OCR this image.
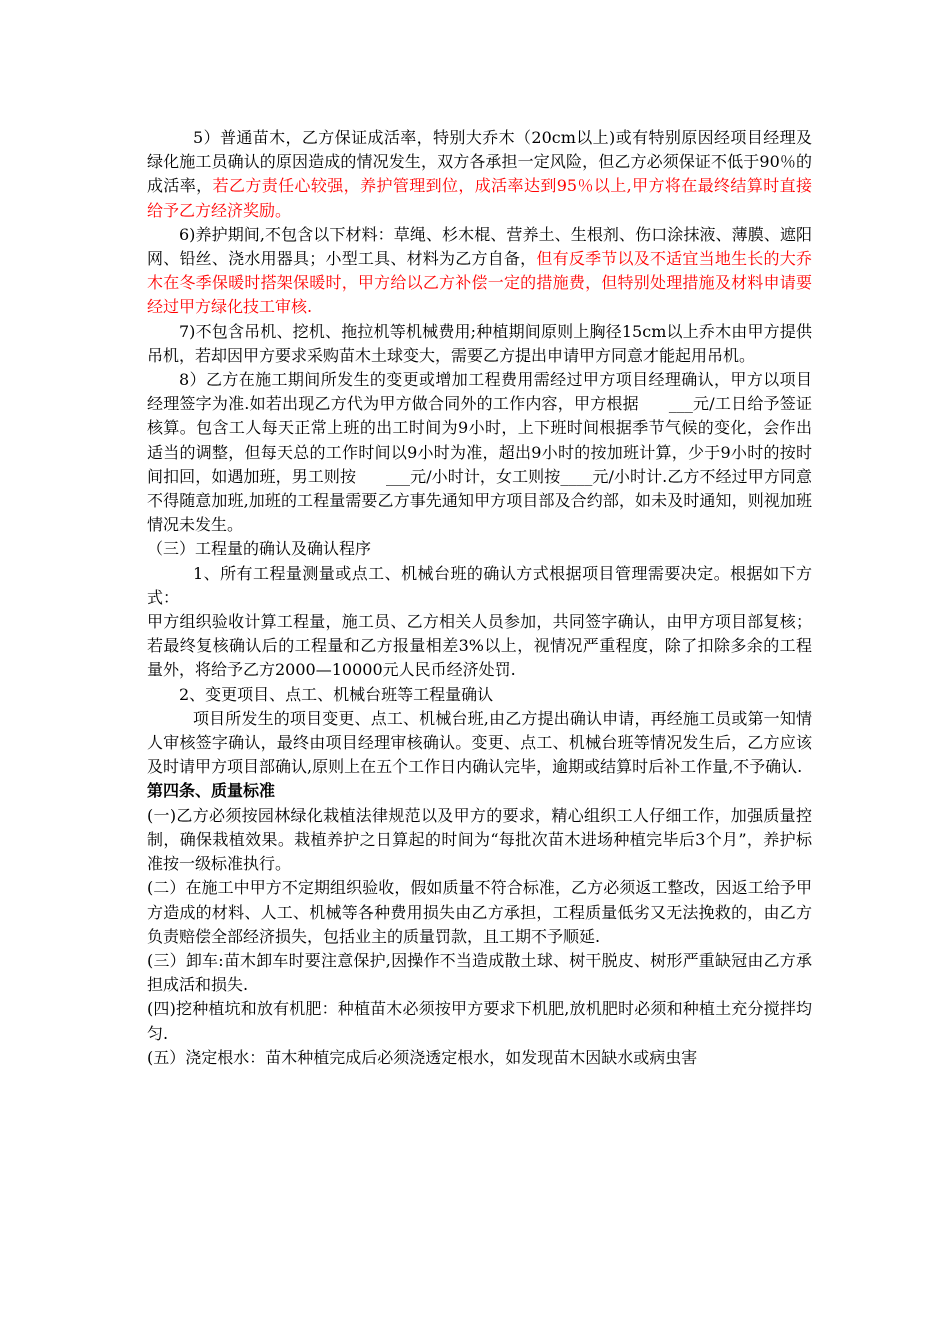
5）普通苗木，乙方保证成活率，特别大乔木（20cm以上)或有特别原因经项目经理及绿化施工员确认的原因造成的情况发生，双方各承担一定风险，但乙方必须保证不低于90％的成活率，若乙方责任心较强，养护管理到位，成活率达到95％以上,甲方将在最终结算时直接给予乙方经济奖励。

6)养护期间,不包含以下材料：草绳、杉木棍、营养土、生根剂、伤口涂抹液、薄膜、遮阳网、铅丝、浇水用器具；小型工具、材料为乙方自备，但有反季节以及不适宜当地生长的大乔木在冬季保暖时搭架保暖时，甲方给以乙方补偿一定的措施费，但特别处理措施及材料申请要经过甲方绿化技工审核.

7)不包含吊机、挖机、拖拉机等机械费用;种植期间原则上胸径15cm以上乔木由甲方提供吊机，若却因甲方要求采购苗木土球变大，需要乙方提出申请甲方同意才能起用吊机。

8）乙方在施工期间所发生的变更或增加工程费用需经过甲方项目经理确认，甲方以项目经理签字为准.如若出现乙方代为甲方做合同外的工作内容，甲方根据 ___元/工日给予签证核算。包含工人每天正常上班的出工时间为9小时，上下班时间根据季节气候的变化，会作出适当的调整，但每天总的工作时间以9小时为准，超出9小时的按加班计算，少于9小时的按时间扣回，如遇加班，男工则按 ___元/小时计，女工则按____元/小时计.乙方不经过甲方同意不得随意加班,加班的工程量需要乙方事先通知甲方项目部及合约部，如未及时通知，则视加班情况未发生。

（三）工程量的确认及确认程序

1、所有工程量测量或点工、机械台班的确认方式根据项目管理需要决定。根据如下方式：

甲方组织验收计算工程量，施工员、乙方相关人员参加，共同签字确认，由甲方项目部复核；若最终复核确认后的工程量和乙方报量相差3%以上，视情况严重程度，除了扣除多余的工程量外，将给予乙方2000—10000元人民币经济处罚.

2、变更项目、点工、机械台班等工程量确认

项目所发生的项目变更、点工、机械台班,由乙方提出确认申请，再经施工员或第一知情人审核签字确认，最终由项目经理审核确认。变更、点工、机械台班等情况发生后，乙方应该及时请甲方项目部确认,原则上在五个工作日内确认完毕，逾期或结算时后补工作量,不予确认.

第四条、质量标准

(一)乙方必须按园林绿化栽植法律规范以及甲方的要求，精心组织工人仔细工作，加强质量控制，确保栽植效果。栽植养护之日算起的时间为“每批次苗木进场种植完毕后3个月”，养护标准按一级标准执行。

(二）在施工中甲方不定期组织验收，假如质量不符合标准，乙方必须返工整改，因返工给予甲方造成的材料、人工、机械等各种费用损失由乙方承担，工程质量低劣又无法挽救的，由乙方负责赔偿全部经济损失，包括业主的质量罚款，且工期不予顺延.

(三）卸车:苗木卸车时要注意保护,因操作不当造成散土球、树干脱皮、树形严重缺冠由乙方承担成活和损失.

(四)挖种植坑和放有机肥：种植苗木必须按甲方要求下机肥,放机肥时必须和种植土充分搅拌均匀.

(五）浇定根水：苗木种植完成后必须浇透定根水，如发现苗木因缺水或病虫害
